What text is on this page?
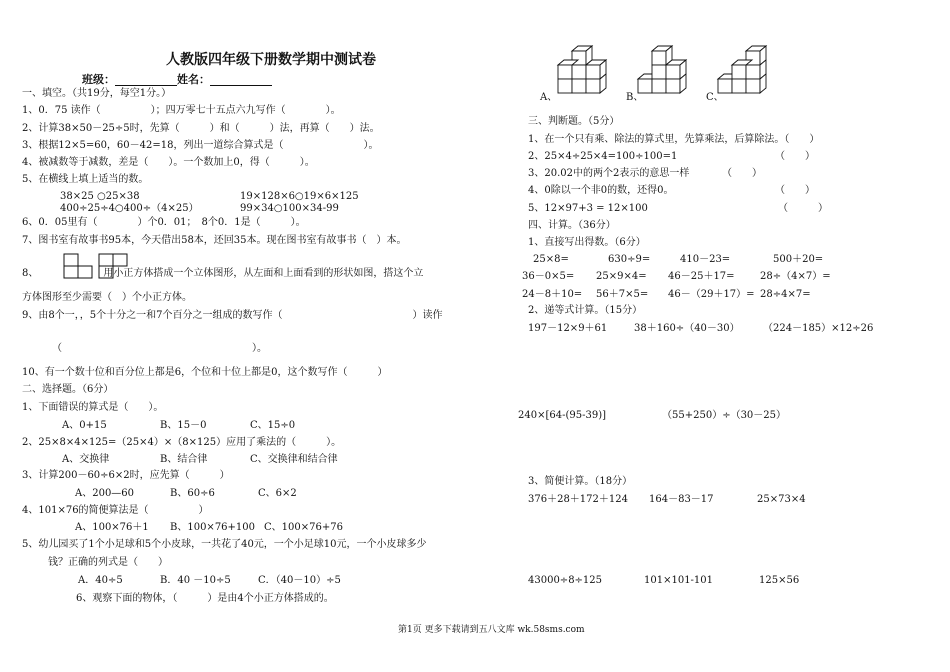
人教版四年级下册数学期中测试卷
班级：	姓名：
一、填空。（共19分，每空1分。）
1、0．75 读作（　　　　　）；四万零七十五点六九写作（　　　　）。
2、计算38×50－25÷5时，先算（　　　）和（　　　）法，再算（　　）法。
3、根据12×5=60，60－42=18，列出一道综合算式是（　　　　　　　　）。
4、被减数等于减数，差是（　　）。一个数加上0，得（　　　）。
5、在横线上填上适当的数。
38×25 ○25×38	19×128×6○19×6×125
400÷25÷4○400÷（4×25）	99×34○100×34-99
6、0．05里有（　　　　）个0．01；　8个0．1是（　　　）。
7、图书室有故事书95本，今天借出58本，还回35本。现在图书室有故事书（　）本。
8、　　　　　　　用小正方体搭成一个立体图形，从左面和上面看到的形状如图，搭这个立
方体图形至少需要（　）个小正方体。
9、由8个一，，5个十分之一和7个百分之一组成的数写作（　　　　　　　　　　　　　）读作
（　　　　　　　　　　　　　　　　　　　）。
10、有一个数十位和百分位上都是6，个位和十位上都是0，这个数写作（　　　）
二、选择题。（6分）
1、下面错误的算式是（　　）。
A、0+15	B、15－0	C、15÷0
2、25×8×4×125=（25×4）×（8×125）应用了乘法的（　　　）。
A、交换律	B、结合律	C、交换律和结合律
3、计算200－60÷6×2时，应先算（　　　）
A、200—60	B、60÷6	C、6×2
4、101×76的简便算法是（　　　　　）
A、100×76＋1 B、100×76+100 C、100×76+76
5、幼儿园买了1个小足球和5个小皮球，一共花了40元，一个小足球10元，一个小皮球多少
钱？正确的列式是（　　）
A．40÷5	B．40 －10÷5	C．（40－10）÷5
6、观察下面的物体，（　　　）是由4个小正方体搭成的。
A、	B、	C、
三、判断题。（5分）
1、在一个只有乘、除法的算式里，先算乘法，后算除法。（　　）
2、25×4÷25×4=100÷100=1	（　　）
3、20.02中的两个2表示的意思一样	（　　）
4、0除以一个非0的数，还得0。	（　　）
5、12×97+3 = 12×100	（　　　）
四、计算。（36分）
1、直接写出得数。（6分）
25×8=	630÷9=	410－23=	500＋20=
36－0×5= 25×9×4= 46－25＋17=	28÷（4×7）=
24－8＋10= 56＋7×5= 46－（29＋17）= 28÷4×7=
2、递等式计算。（15分）
197－12×9＋61	38＋160÷（40－30） （224－185）×12÷26
240×[64-(95-39)]	（55+250）÷（30－25）
3、简便计算。（18分）
376＋28＋172＋124 164－83－17	25×73×4
43000÷8÷125	101×101-101	125×56
第1页 更多下载请到五八文库 wk.58sms.com
